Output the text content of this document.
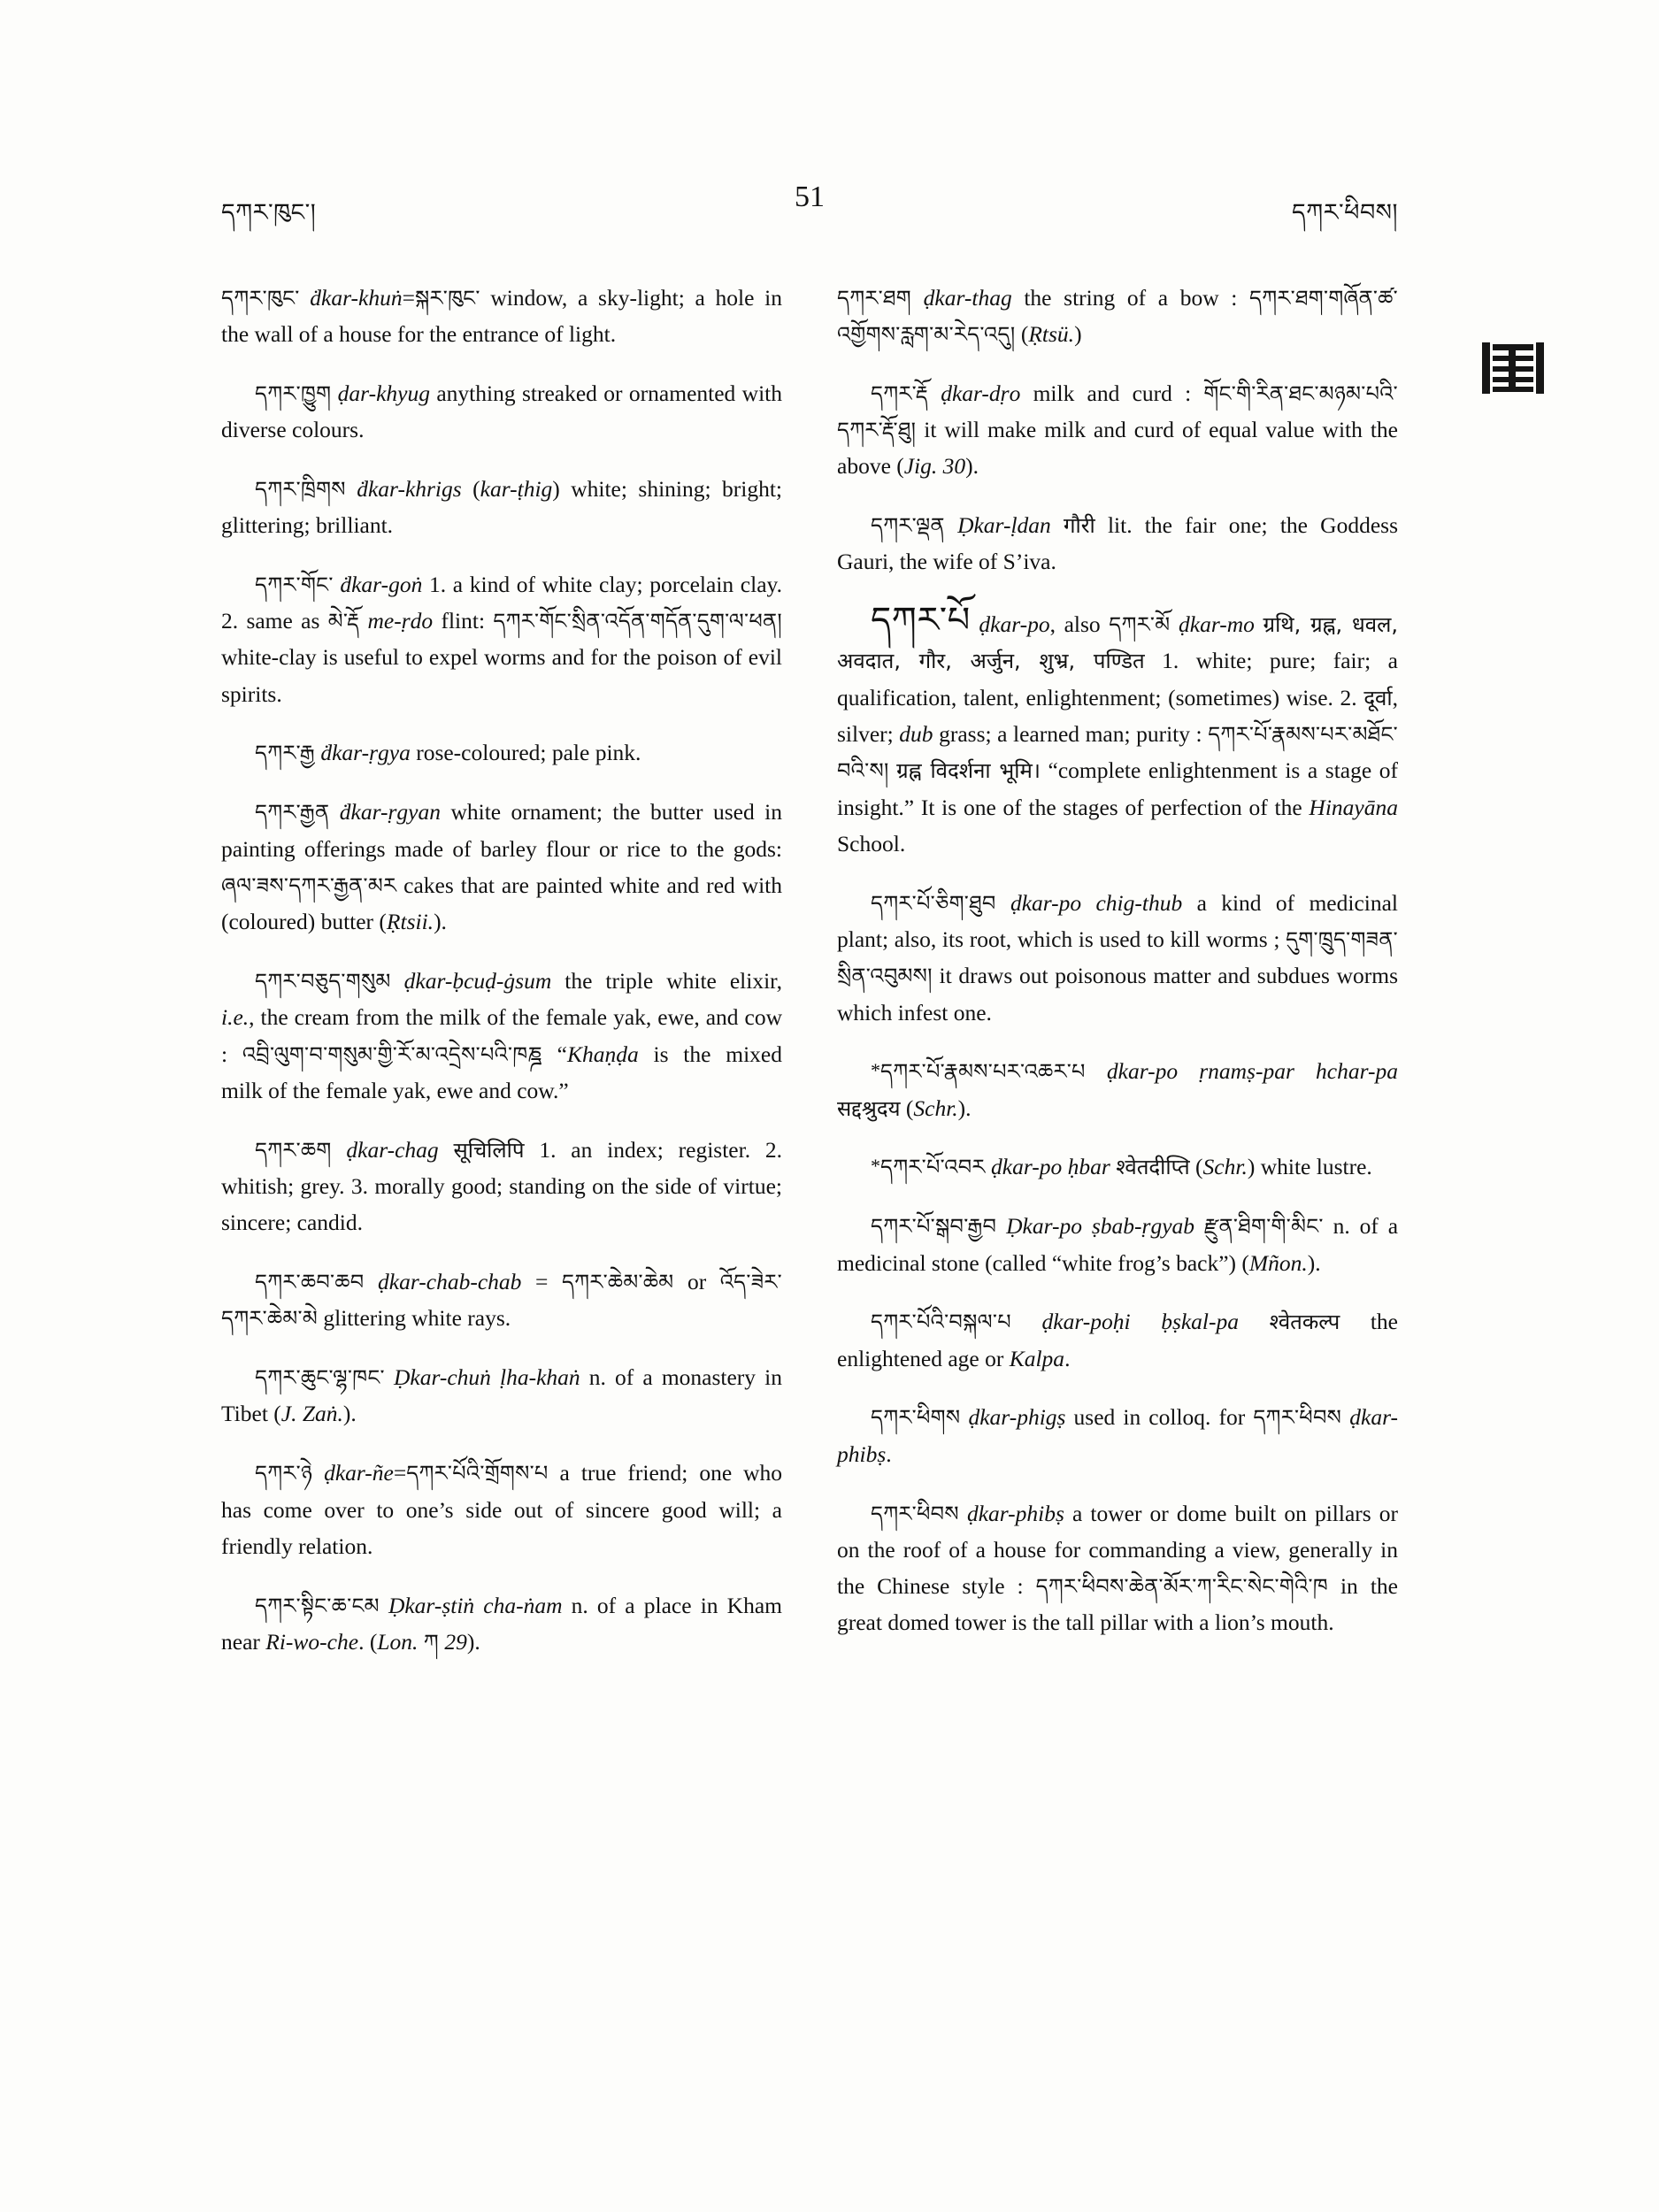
དཀར་ཁུང་།	51	དཀར་ཕིབས།

དཀར་ཁུང་ ḋkar-khuṅ=སྐར་ཁུང་ window, a sky-light; a hole in the wall of a house for the entrance of light.

དཀར་ཁྱུག ḍar-khyug anything streaked or ornamented with diverse colours.

དཀར་ཁྲིགས ḋkar-khrigs (kar-ṭhig) white; shining; bright; glittering; brilliant.

དཀར་གོང་ ḋkar-goṅ 1. a kind of white clay; porcelain clay. 2. same as མེ་རྡོ me-ṛdo flint: དཀར་གོང་སྲིན་འདོན་གདོན་དུག་ལ་ཕན། white-clay is useful to expel worms and for the poison of evil spirits.

དཀར་རྒྱ ḋkar-ṛgya rose-coloured; pale pink.

དཀར་རྒྱན ḋkar-ṛgyan white ornament; the butter used in painting offerings made of barley flour or rice to the gods: ཞལ་ཟས་དཀར་རྒྱན་མར cakes that are painted white and red with (coloured) butter (Ṛtsii.).

དཀར་བཅུད་གསུམ ḍkar-ḅcuḍ-ġsum the triple white elixir, i.e., the cream from the milk of the female yak, ewe, and cow : འབྲི་ལུག་བ་གསུམ་གྱི་རོ་མ་འདྲེས་པའི་ཁཎྜ “Khaṇḍa is the mixed milk of the female yak, ewe and cow.”

དཀར་ཆག ḍkar-chag सूचिलिपि 1. an index; register. 2. whitish; grey. 3. morally good; standing on the side of virtue; sincere; candid.

དཀར་ཆབ་ཆབ ḍkar-chab-chab = དཀར་ཆེམ་ཆེམ or འོད་ཟེར་དཀར་ཆེམ་མེ glittering white rays.

དཀར་ཆུང་ལྷ་ཁང་ Ḍkar-chuṅ ḷha-khaṅ n. of a monastery in Tibet (J. Zaṅ.).

དཀར་ཉེ ḍkar-ñe=དཀར་པོའི་གྲོགས་པ a true friend; one who has come over to one’s side out of sincere good will; a friendly relation.

དཀར་སྟིང་ཆ་ངམ Ḍkar-ṣtiṅ cha-ṅam n. of a place in Kham near Ri-wo-che. (Lon. ཀ 29).

དཀར་ཐག ḍkar-thag the string of a bow : དཀར་ཐག་གཞོན་ཚ་འགྱོགས་རླག་མ་རེད་འདུ། (Ṛtsü.)

དཀར་རྡོ ḍkar-dṛo milk and curd : གོང་གི་རིན་ཐང་མཉམ་པའི་དཀར་རྡོ་ཐུ། it will make milk and curd of equal value with the above (Jig. 30).

དཀར་ལྡན Ḍkar-ḷdan गौरी lit. the fair one; the Goddess Gauri, the wife of S’iva.

དཀར་པོ ḍkar-po, also དཀར་མོ ḍkar-mo ग्रथि, ग्रह्न, धवल, अवदात, गौर, अर्जुन, शुभ्र, पण्डित 1. white; pure; fair; a qualification, talent, enlightenment; (sometimes) wise. 2. दूर्वा, silver; dub grass; a learned man; purity : དཀར་པོ་རྣམས་པར་མཐོང་བའི་ས། ग्रह्न विदर्शना भूमि। “complete enlightenment is a stage of insight.” It is one of the stages of perfection of the Hinayāna School.

དཀར་པོ་ཅིག་ཐུབ ḍkar-po chig-thub a kind of medicinal plant; also, its root, which is used to kill worms ; དུག་ཁྲུད་གཟན་སྲིན་འབུམས། it draws out poisonous matter and subdues worms which infest one.

*དཀར་པོ་རྣམས་པར་འཆར་པ ḍkar-po ṛnamṣ-par hchar-pa सद्दश्रुदय (Schr.).

*དཀར་པོ་འབར ḍkar-po ḥbar श्वेतदीप्ति (Schr.) white lustre.

དཀར་པོ་སྒབ་རྒྱབ Ḍkar-po ṣbab-ṛgyab རྫུན་ཐིག་གི་མིང་ n. of a medicinal stone (called “white frog’s back”) (Mñon.).

དཀར་པོའི་བསྐལ་པ ḍkar-poḥi ḅṣkal-pa श्वेतकल्प the enlightened age or Kalpa.

དཀར་ཕིགས ḍkar-phigṣ used in colloq. for དཀར་ཕིབས ḍkar-phibṣ.

དཀར་ཕིབས ḍkar-phibṣ a tower or dome built on pillars or on the roof of a house for commanding a view, generally in the Chinese style : དཀར་ཕིབས་ཆེན་མོར་ཀ་རིང་སེང་གེའི་ཁ in the great domed tower is the tall pillar with a lion’s mouth.
